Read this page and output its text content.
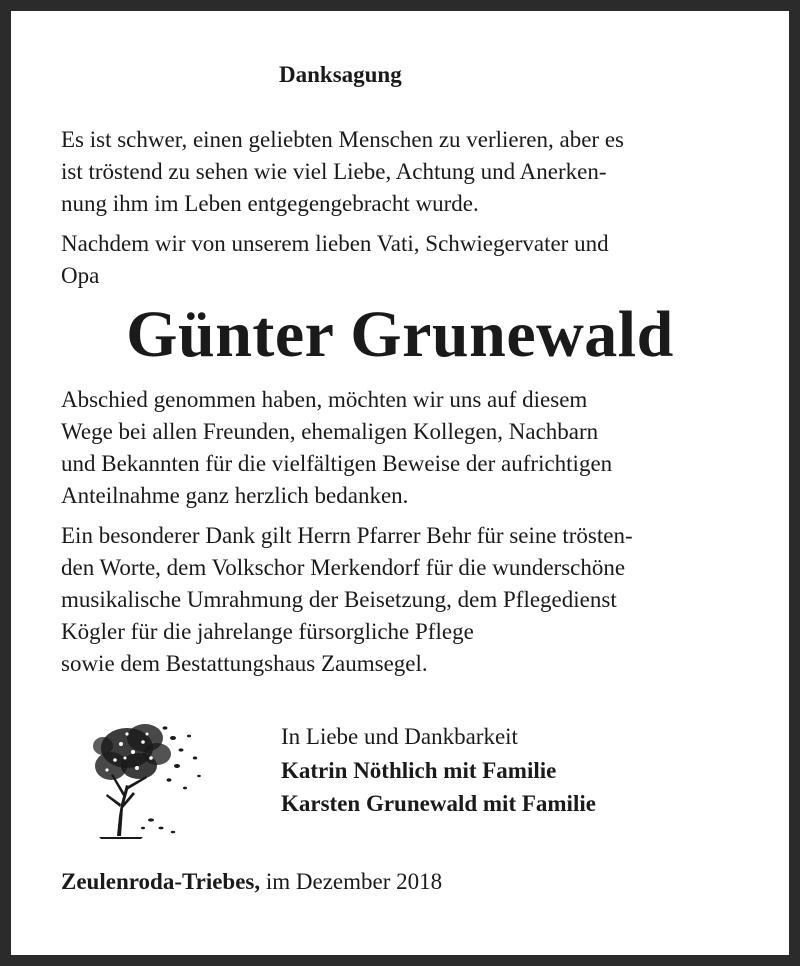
Danksagung

Es ist schwer, einen geliebten Menschen zu verlieren, aber es
ist tröstend zu sehen wie viel Liebe, Achtung und Anerken-
nung ihm im Leben entgegengebracht wurde.

Nachdem wir von unserem lieben Vati, Schwiegervater und
Opa

Günter Grunewald

Abschied genommen haben, möchten wir uns auf diesem
Wege bei allen Freunden, ehemaligen Kollegen, Nachbarn
und Bekannten für die vielfältigen Beweise der aufrichtigen
Anteilnahme ganz herzlich bedanken.

Ein besonderer Dank gilt Herrn Pfarrer Behr für seine trösten-
den Worte, dem Volkschor Merkendorf für die wunderschöne
musikalische Umrahmung der Beisetzung, dem Pflegedienst
Kögler für die jahrelange fürsorgliche Pflege
sowie dem Bestattungshaus Zaumsegel.

In Liebe und Dankbarkeit
Katrin Nöthlich mit Familie
Karsten Grunewald mit Familie
Zeulenroda-Triebes, im Dezember 2018
